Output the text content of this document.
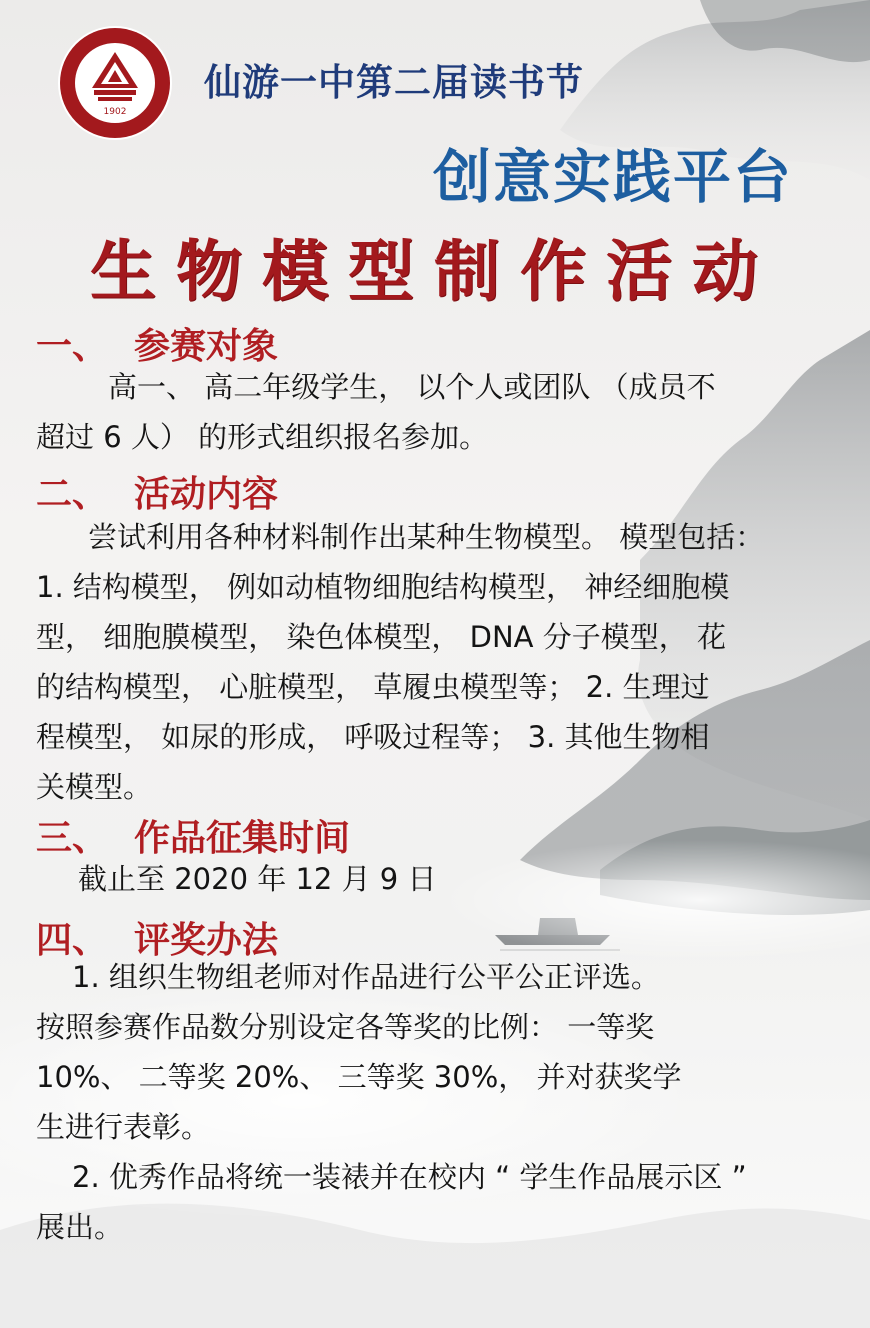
1902
仙游一中第二届读书节
创意实践平台
生物模型制作活动
一、 参赛对象
高一、 高二年级学生， 以个人或团队 （成员不
超过 6 人） 的形式组织报名参加。
二、 活动内容
尝试利用各种材料制作出某种生物模型。 模型包括：
1. 结构模型， 例如动植物细胞结构模型， 神经细胞模
型， 细胞膜模型， 染色体模型， DNA 分子模型， 花
的结构模型， 心脏模型， 草履虫模型等； 2. 生理过
程模型， 如尿的形成， 呼吸过程等； 3. 其他生物相
关模型。
三、 作品征集时间
截止至 2020 年 12 月 9 日
四、 评奖办法
1. 组织生物组老师对作品进行公平公正评选。
按照参赛作品数分别设定各等奖的比例： 一等奖
10%、 二等奖 20%、 三等奖 30%， 并对获奖学
生进行表彰。
2. 优秀作品将统一装裱并在校内 “ 学生作品展示区 ”
展出。
